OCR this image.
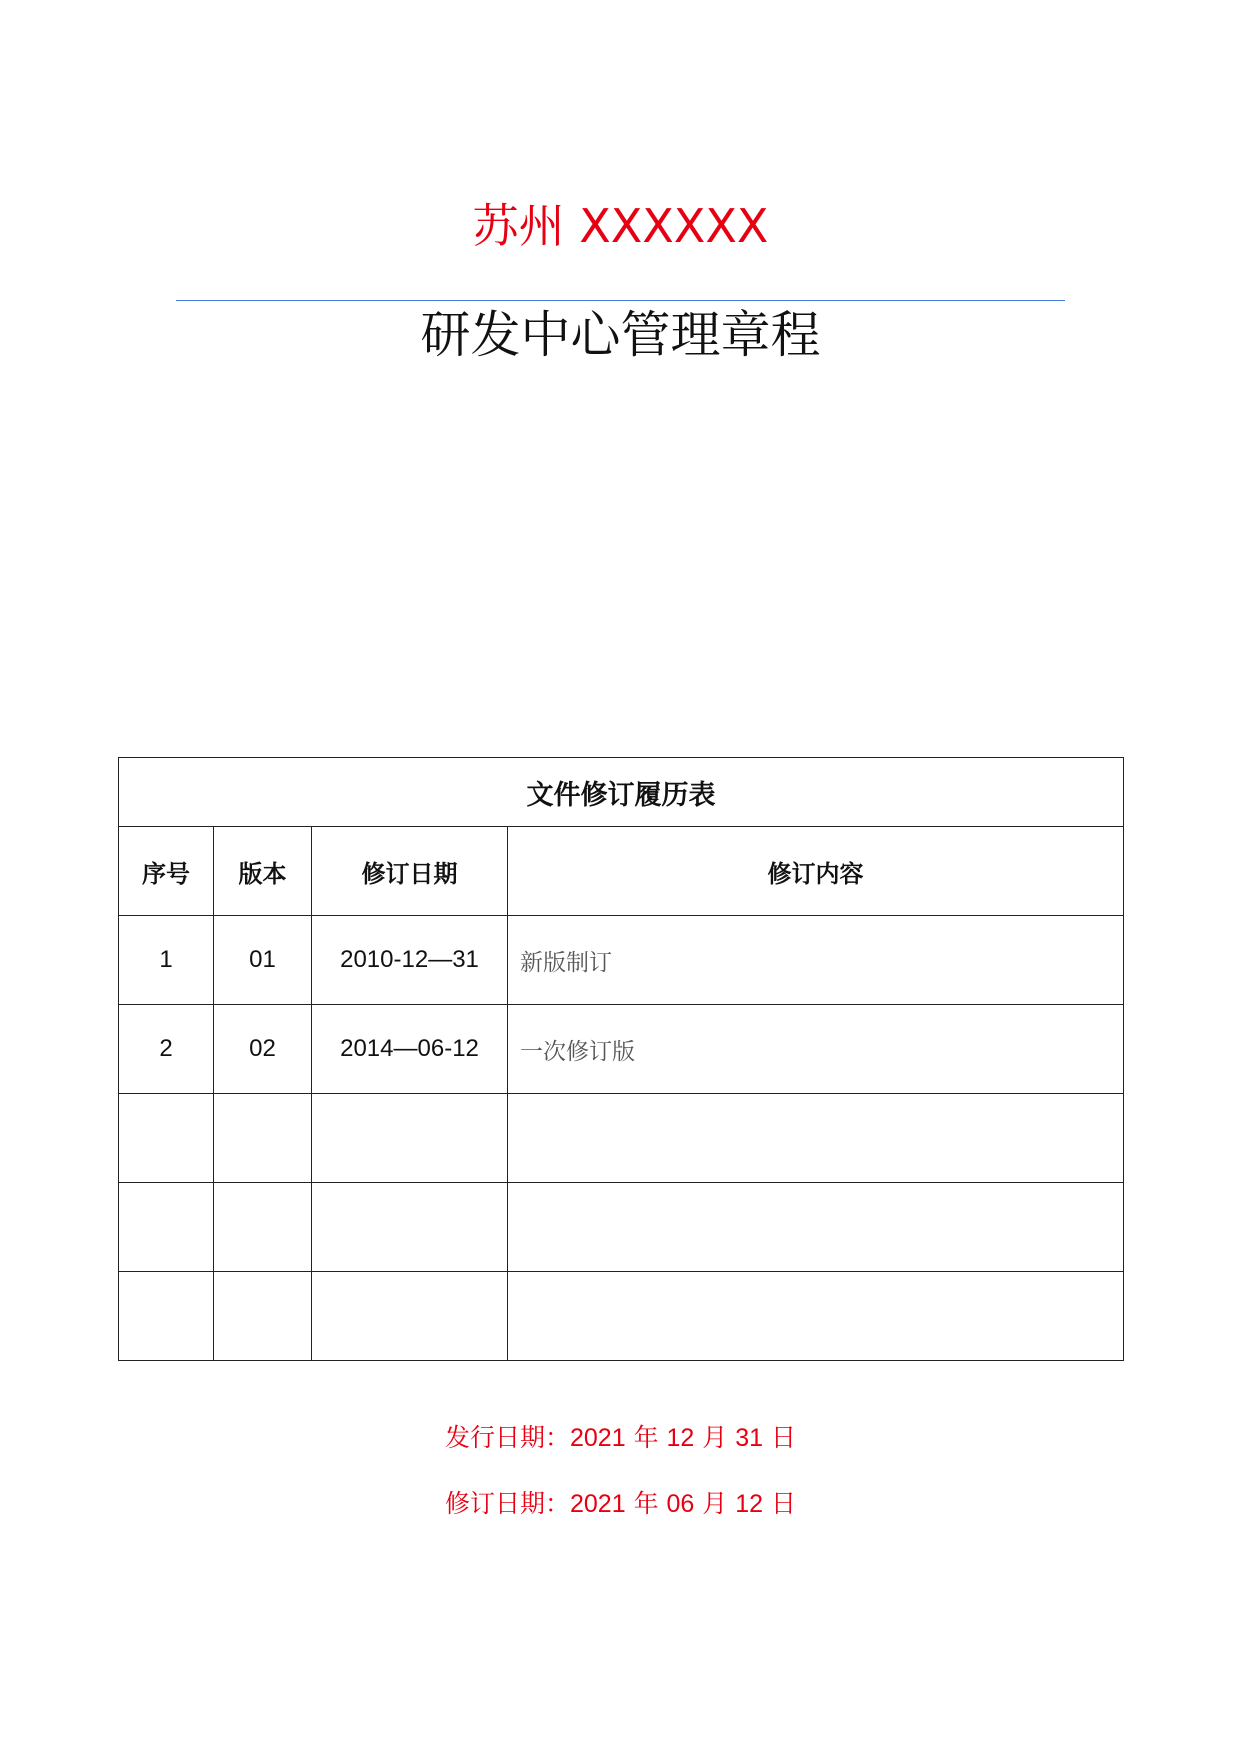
苏州 XXXXXX
研发中心管理章程
文件修订履历表			
序号	版本	修订日期	修订内容
1	01	2010-12—31	新版制订
2	02	2014—06-12	一次修订版

发行日期：2021 年 12 月 31 日
修订日期：2021 年 06 月 12 日
